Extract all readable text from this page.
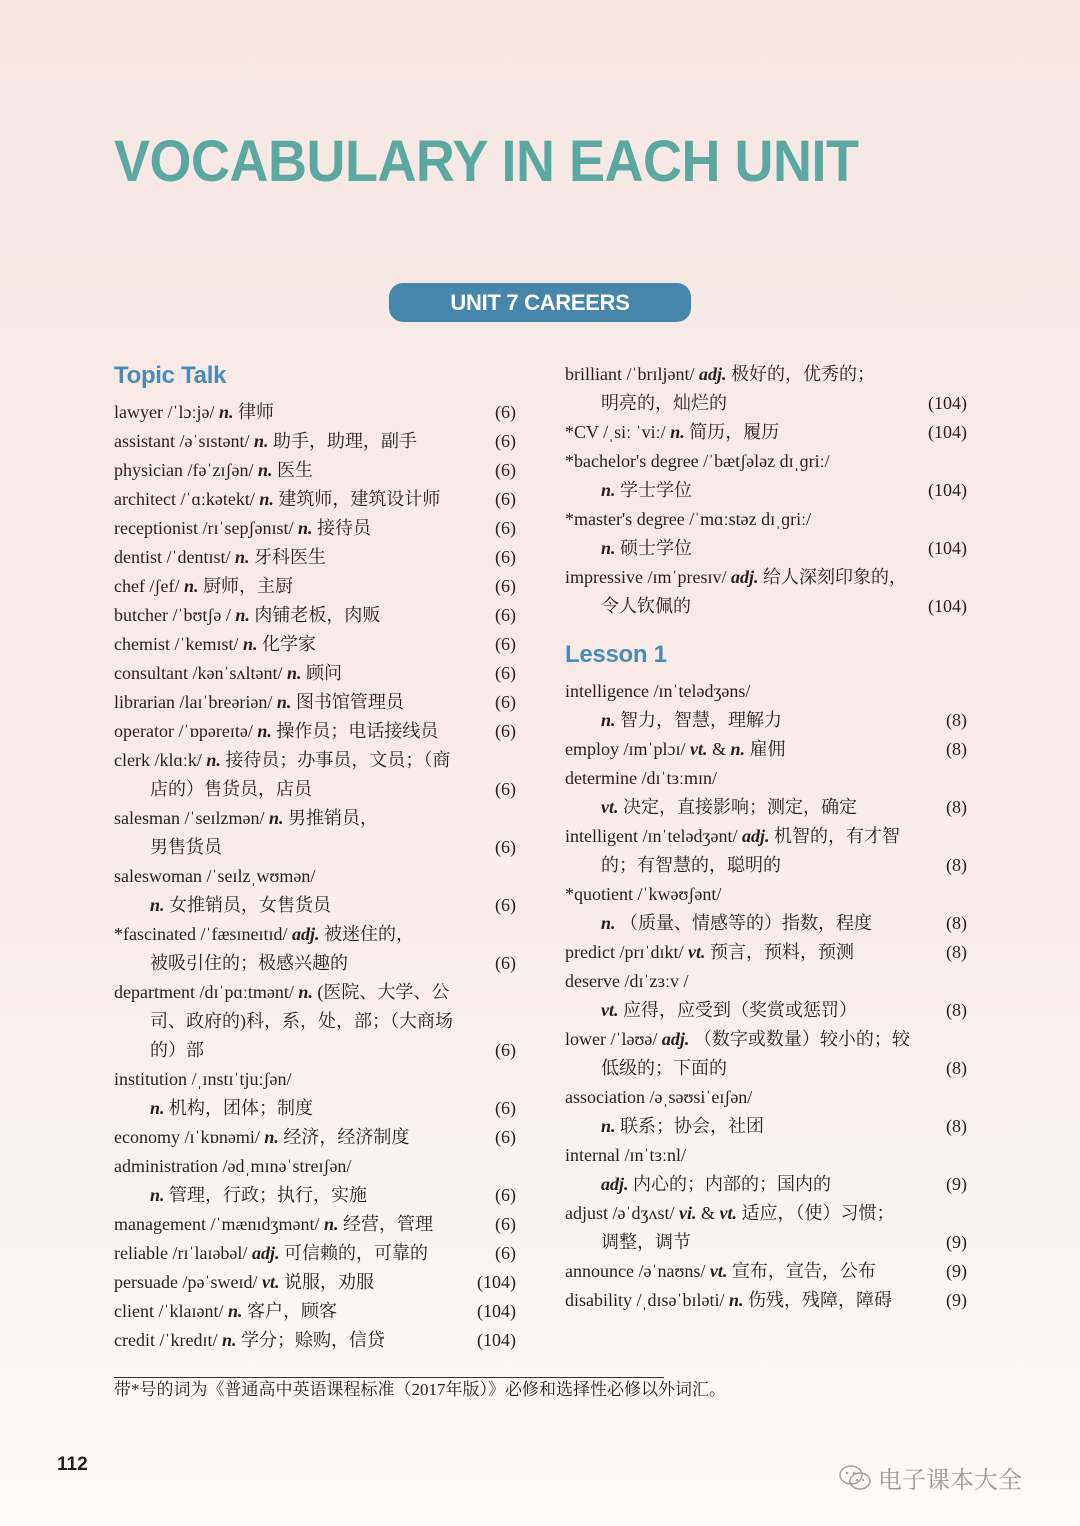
VOCABULARY IN EACH UNIT
UNIT 7 CAREERS
Topic Talk
lawyer /ˈlɔːjə/ n. 律师	(6)
assistant /əˈsɪstənt/ n. 助手，助理，副手	(6)
physician /fəˈzɪʃən/ n. 医生	(6)
architect /ˈɑːkətekt/ n. 建筑师，建筑设计师	(6)
receptionist /rɪˈsepʃənɪst/ n. 接待员	(6)
dentist /ˈdentɪst/ n. 牙科医生	(6)
chef /ʃef/ n. 厨师，主厨	(6)
butcher /ˈbʊtʃə / n. 肉铺老板，肉贩	(6)
chemist /ˈkemɪst/ n. 化学家	(6)
consultant /kənˈsʌltənt/ n. 顾问	(6)
librarian /laɪˈbreəriən/ n. 图书馆管理员	(6)
operator /ˈɒpəreɪtə/ n. 操作员；电话接线员	(6)
clerk /klɑːk/ n. 接待员；办事员，文员；（商
店的）售货员，店员	(6)
salesman /ˈseɪlzmən/ n. 男推销员，
男售货员	(6)
saleswoman /ˈseɪlzˌwʊmən/
n. 女推销员，女售货员	(6)
*fascinated /ˈfæsɪneɪtɪd/ adj. 被迷住的，
被吸引住的；极感兴趣的	(6)
department /dɪˈpɑːtmənt/ n. (医院、大学、公
司、政府的)科，系，处，部；（大商场
的）部	(6)
institution /ˌɪnstɪˈtjuːʃən/
n. 机构，团体；制度	(6)
economy /ɪˈkɒnəmi/ n. 经济，经济制度	(6)
administration /ədˌmɪnəˈstreɪʃən/
n. 管理，行政；执行，实施	(6)
management /ˈmænɪdʒmənt/ n. 经营，管理	(6)
reliable /rɪˈlaɪəbəl/ adj. 可信赖的，可靠的	(6)
persuade /pəˈsweɪd/ vt. 说服，劝服	(104)
client /ˈklaɪənt/ n. 客户，顾客	(104)
credit /ˈkredɪt/ n. 学分；赊购，信贷	(104)
brilliant /ˈbrɪljənt/ adj. 极好的，优秀的；
明亮的，灿烂的	(104)
*CV /ˌsiː ˈviː/ n. 简历，履历	(104)
*bachelor's degree /ˈbætʃələz dɪˌɡriː/
n. 学士学位	(104)
*master's degree /ˈmɑːstəz dɪˌɡriː/
n. 硕士学位	(104)
impressive /ɪmˈpresɪv/ adj. 给人深刻印象的，
令人钦佩的	(104)
Lesson 1
intelligence /ɪnˈtelədʒəns/
n. 智力，智慧，理解力	(8)
employ /ɪmˈplɔɪ/ vt. & n. 雇佣	(8)
determine /dɪˈtɜːmɪn/
vt. 决定，直接影响；测定，确定	(8)
intelligent /ɪnˈtelədʒənt/ adj. 机智的，有才智
的；有智慧的，聪明的	(8)
*quotient /ˈkwəʊʃənt/
n. （质量、情感等的）指数，程度	(8)
predict /prɪˈdɪkt/ vt. 预言，预料，预测	(8)
deserve /dɪˈzɜːv /
vt. 应得，应受到（奖赏或惩罚）	(8)
lower /ˈləʊə/ adj. （数字或数量）较小的；较
低级的；下面的	(8)
association /əˌsəʊsiˈeɪʃən/
n. 联系；协会，社团	(8)
internal /ɪnˈtɜːnl/
adj. 内心的；内部的；国内的	(9)
adjust /əˈdʒʌst/ vi. & vt. 适应，（使）习惯；
调整，调节	(9)
announce /əˈnaʊns/ vt. 宣布，宣告，公布	(9)
disability /ˌdɪsəˈbɪləti/ n. 伤残，残障，障碍	(9)
带*号的词为《普通高中英语课程标准（2017年版）》必修和选择性必修以外词汇。
112
电子课本大全
